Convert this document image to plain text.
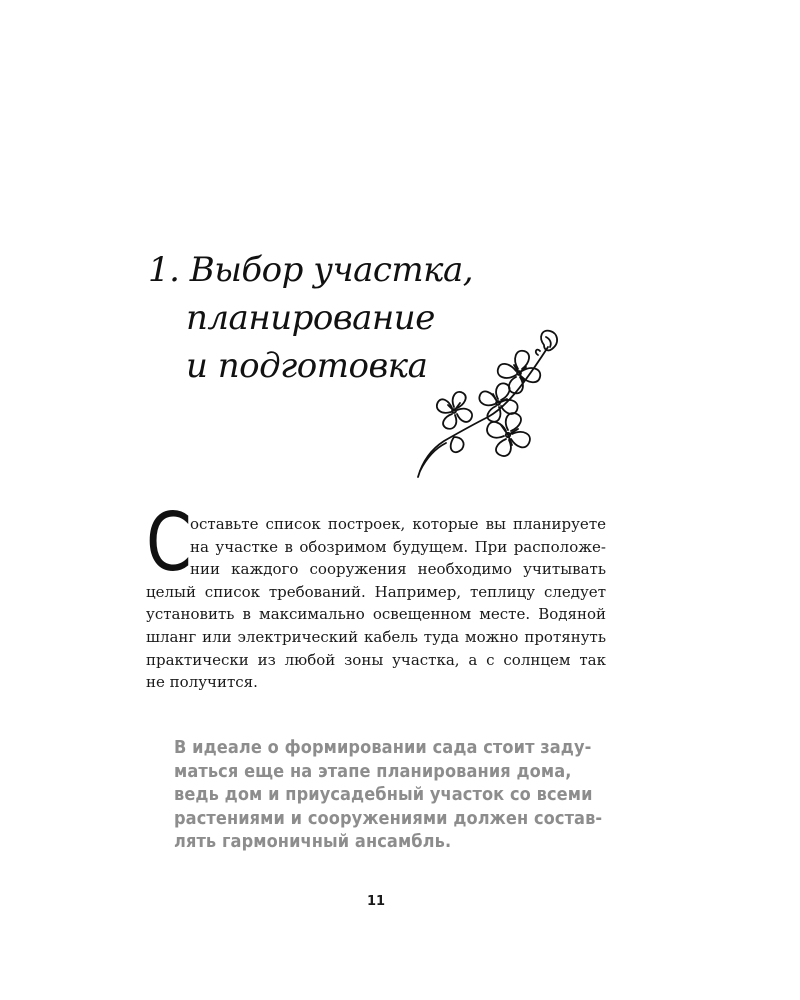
1. Выбор участка,
планирование
и подготовка
С

оставьте список построек, которые вы планируете
на участке в обозримом будущем. При расположе-
нии каждого сооружения необходимо учитывать
целый список требований. Например, теплицу следует
установить в максимально освещенном месте. Водяной
шланг или электрический кабель туда можно протянуть
практически из любой зоны участка, а с солнцем так
не получится.

В идеале о формировании сада стоит заду-
маться еще на этапе планирования дома,
ведь дом и приусадебный участок со всеми
растениями и сооружениями должен состав-
лять гармоничный ансамбль.
11
